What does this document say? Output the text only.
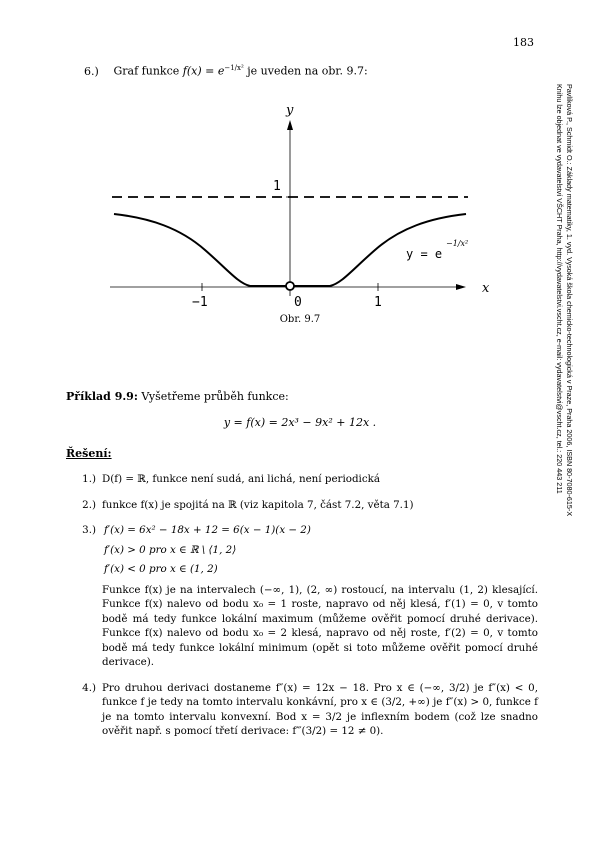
183
6.) Graf funkce $f(x) = e^{-1/x^2}$ je uveden na obr. 9.7:
y
x
1
−1	0	1
y = e
−1/x²
Obr. 9.7	Pavlíková P., Schmidt O.: Základy matematiky, 1. vyd. Vysoká škola chemicko-technologická v Praze, Praha 2006, ISBN 80-7080-615-X
Knihu lze objednat ve vydavatelství VŠCHT Praha, http://vydavatelstvi.vscht.cz, e-mail: vydavatelstvi@vscht.cz, tel.: 220 443 211
Příklad 9.9: Vyšetřeme průběh funkce:
y = f(x) = 2x³ − 9x² + 12x .
Řešení:
1.) D(f) = ℝ, funkce není sudá, ani lichá, není periodická
2.) funkce f(x) je spojitá na ℝ (viz kapitola 7, část 7.2, věta 7.1)
3.) f′(x) = 6x² − 18x + 12 = 6(x − 1)(x − 2)
f′(x) > 0 pro x ∈ ℝ \ ⟨1, 2⟩
f′(x) < 0 pro x ∈ (1, 2)
Funkce f(x) je na intervalech (−∞, 1), (2, ∞) rostoucí, na intervalu (1, 2) klesající. Funkce f(x) nalevo od bodu x₀ = 1 roste, napravo od něj klesá, f′(1) = 0, v tomto bodě má tedy funkce lokální maximum (můžeme ověřit pomocí druhé derivace). Funkce f(x) nalevo od bodu x₀ = 2 klesá, napravo od něj roste, f′(2) = 0, v tomto bodě má tedy funkce lokální minimum (opět si toto můžeme ověřit pomocí druhé derivace).
4.) Pro druhou derivaci dostaneme f″(x) = 12x − 18. Pro x ∈ (−∞, 3/2) je f″(x) < 0, funkce f je tedy na tomto intervalu konkávní, pro x ∈ (3/2, +∞) je f″(x) > 0, funkce f je na tomto intervalu konvexní. Bod x = 3/2 je inflexním bodem (což lze snadno ověřit např. s pomocí třetí derivace: f‴(3/2) = 12 ≠ 0).
